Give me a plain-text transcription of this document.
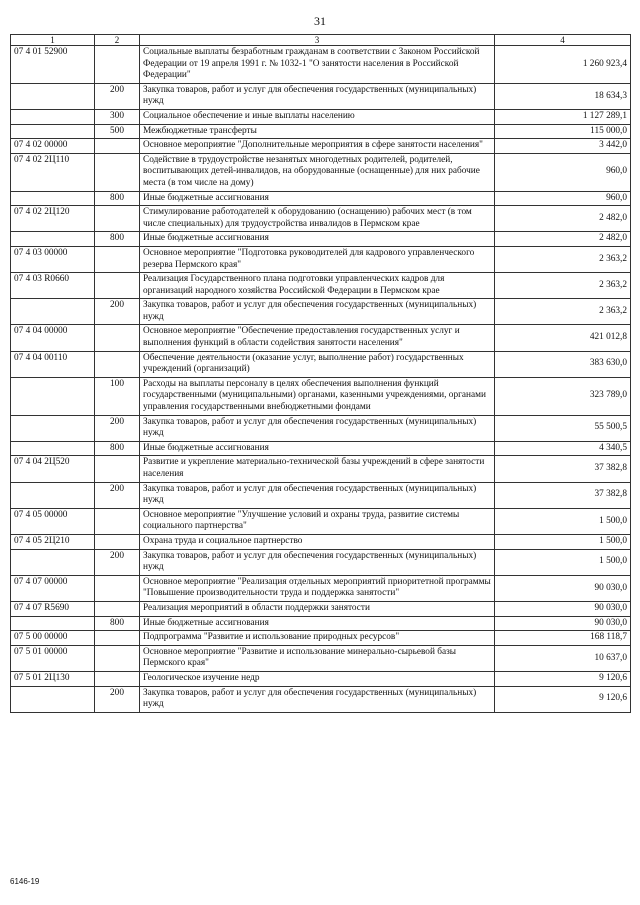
31
1	2	3	4
07 4 01 52900		Социальные выплаты безработным гражданам в соответствии с Законом Российской Федерации от 19 апреля 1991 г. № 1032-1 "О занятости населения в Российской Федерации"	1 260 923,4
	200	Закупка товаров, работ и услуг для обеспечения государственных (муниципальных) нужд	18 634,3
	300	Социальное обеспечение и иные выплаты населению	1 127 289,1
	500	Межбюджетные трансферты	115 000,0
07 4 02 00000		Основное мероприятие "Дополнительные мероприятия в сфере занятости населения"	3 442,0
07 4 02 2Ц110		Содействие в трудоустройстве незанятых многодетных родителей, родителей, воспитывающих детей-инвалидов, на оборудованные (оснащенные) для них рабочие места (в том числе на дому)	960,0
	800	Иные бюджетные ассигнования	960,0
07 4 02 2Ц120		Стимулирование работодателей к оборудованию (оснащению) рабочих мест (в том числе специальных) для трудоустройства инвалидов в Пермском крае	2 482,0
	800	Иные бюджетные ассигнования	2 482,0
07 4 03 00000		Основное мероприятие "Подготовка руководителей для кадрового управленческого резерва Пермского края"	2 363,2
07 4 03 R0660		Реализация Государственного плана подготовки управленческих кадров для организаций народного хозяйства Российской Федерации в Пермском крае	2 363,2
	200	Закупка товаров, работ и услуг для обеспечения государственных (муниципальных) нужд	2 363,2
07 4 04 00000		Основное мероприятие "Обеспечение предоставления государственных услуг и выполнения функций в области содействия занятости населения"	421 012,8
07 4 04 00110		Обеспечение деятельности (оказание услуг, выполнение работ) государственных учреждений (организаций)	383 630,0
	100	Расходы на выплаты персоналу в целях обеспечения выполнения функций государственными (муниципальными) органами, казенными учреждениями, органами управления государственными внебюджетными фондами	323 789,0
	200	Закупка товаров, работ и услуг для обеспечения государственных (муниципальных) нужд	55 500,5
	800	Иные бюджетные ассигнования	4 340,5
07 4 04 2Ц520		Развитие и укрепление материально-технической базы учреждений в сфере занятости населения	37 382,8
	200	Закупка товаров, работ и услуг для обеспечения государственных (муниципальных) нужд	37 382,8
07 4 05 00000		Основное мероприятие "Улучшение условий и охраны труда, развитие системы социального партнерства"	1 500,0
07 4 05 2Ц210		Охрана труда и социальное партнерство	1 500,0
	200	Закупка товаров, работ и услуг для обеспечения государственных (муниципальных) нужд	1 500,0
07 4 07 00000		Основное мероприятие "Реализация отдельных мероприятий приоритетной программы "Повышение производительности труда и поддержка занятости"	90 030,0
07 4 07 R5690		Реализация мероприятий в области поддержки занятости	90 030,0
	800	Иные бюджетные ассигнования	90 030,0
07 5 00 00000		Подпрограмма "Развитие и использование природных ресурсов"	168 118,7
07 5 01 00000		Основное мероприятие "Развитие и использование минерально-сырьевой базы Пермского края"	10 637,0
07 5 01 2Ц130		Геологическое изучение недр	9 120,6
	200	Закупка товаров, работ и услуг для обеспечения государственных (муниципальных) нужд	9 120,6
6146-19
